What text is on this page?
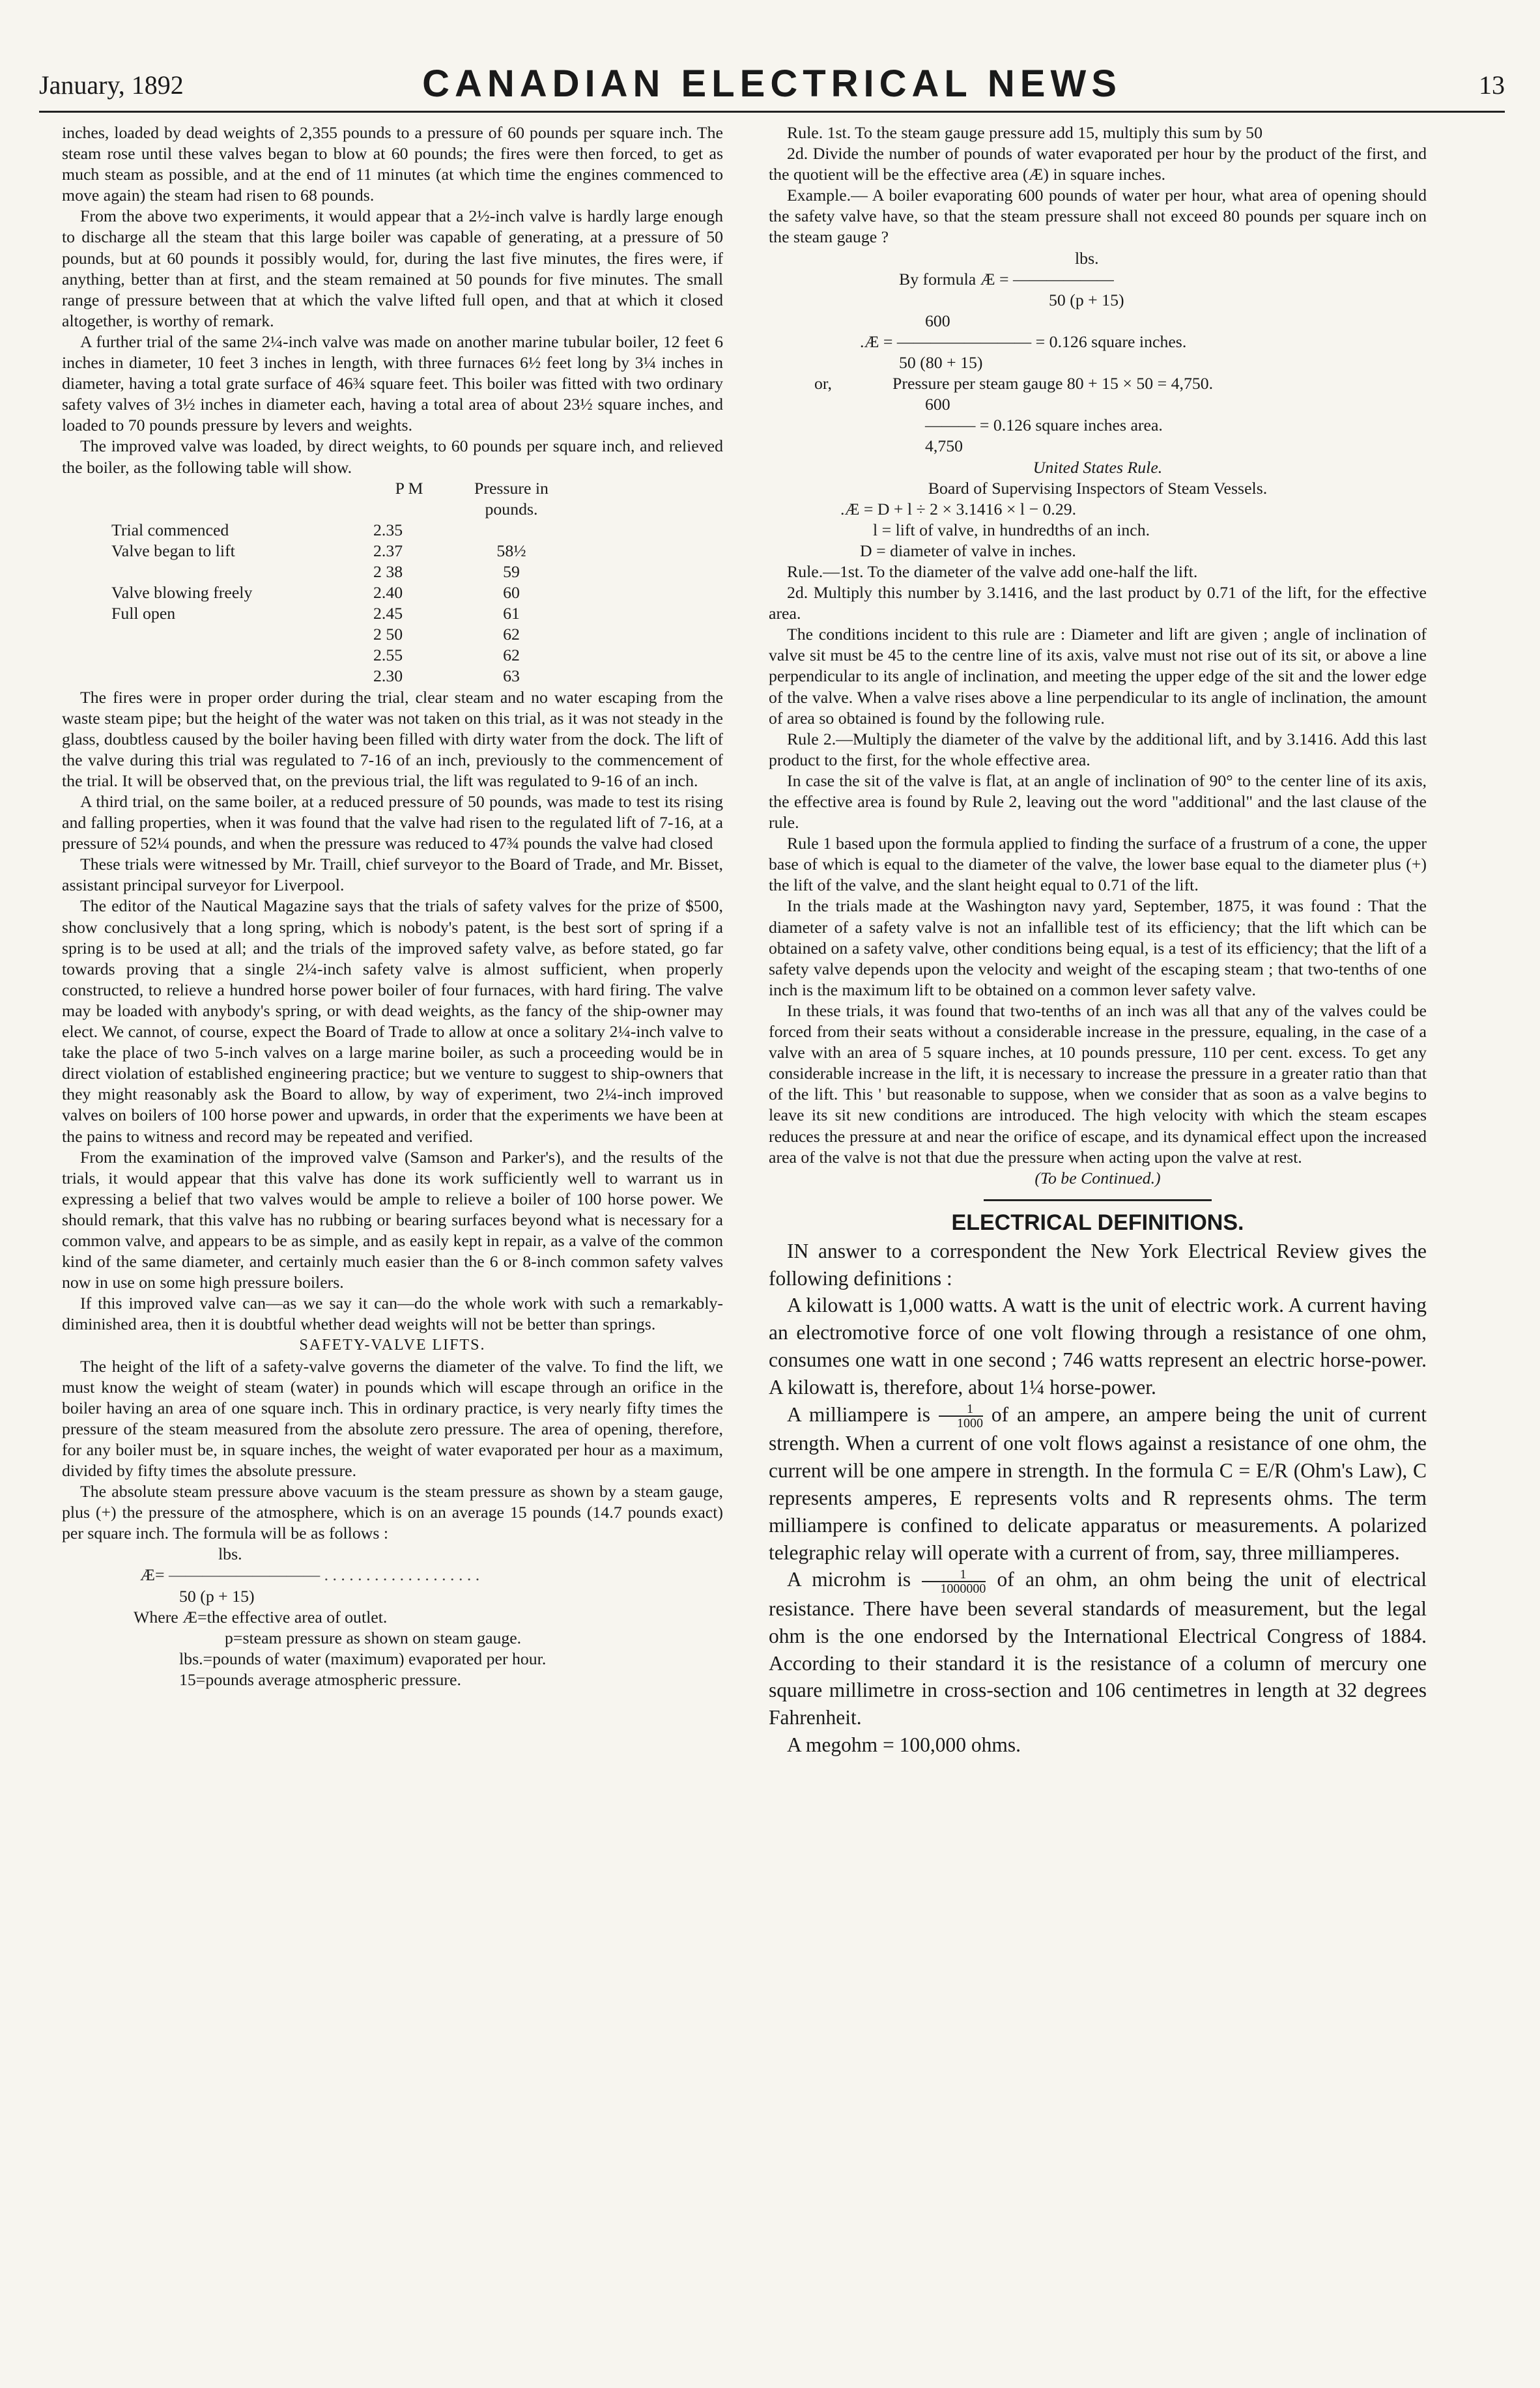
January, 1892	CANADIAN ELECTRICAL NEWS	13

inches, loaded by dead weights of 2,355 pounds to a pressure of 60 pounds per square inch. The steam rose until these valves began to blow at 60 pounds; the fires were then forced, to get as much steam as possible, and at the end of 11 minutes (at which time the engines commenced to move again) the steam had risen to 68 pounds.

From the above two experiments, it would appear that a 2½-inch valve is hardly large enough to discharge all the steam that this large boiler was capable of generating, at a pressure of 50 pounds, but at 60 pounds it possibly would, for, during the last five minutes, the fires were, if anything, better than at first, and the steam remained at 50 pounds for five minutes. The small range of pressure between that at which the valve lifted full open, and that at which it closed altogether, is worthy of remark.

A further trial of the same 2¼-inch valve was made on another marine tubular boiler, 12 feet 6 inches in diameter, 10 feet 3 inches in length, with three furnaces 6½ feet long by 3¼ inches in diameter, having a total grate surface of 46¾ square feet. This boiler was fitted with two ordinary safety valves of 3½ inches in diameter each, having a total area of about 23½ square inches, and loaded to 70 pounds pressure by levers and weights.

The improved valve was loaded, by direct weights, to 60 pounds per square inch, and relieved the boiler, as the following table will show.

	P M	Pressure in pounds.
Trial commenced	2.35	
Valve began to lift	2.37	58½
	2 38	59
Valve blowing freely	2.40	60
Full open	2.45	61
	2 50	62
	2.55	62
	2.30	63

The fires were in proper order during the trial, clear steam and no water escaping from the waste steam pipe; but the height of the water was not taken on this trial, as it was not steady in the glass, doubtless caused by the boiler having been filled with dirty water from the dock. The lift of the valve during this trial was regulated to 7-16 of an inch, previously to the commencement of the trial. It will be observed that, on the previous trial, the lift was regulated to 9-16 of an inch.

A third trial, on the same boiler, at a reduced pressure of 50 pounds, was made to test its rising and falling properties, when it was found that the valve had risen to the regulated lift of 7-16, at a pressure of 52¼ pounds, and when the pressure was reduced to 47¾ pounds the valve had closed

These trials were witnessed by Mr. Traill, chief surveyor to the Board of Trade, and Mr. Bisset, assistant principal surveyor for Liverpool.

The editor of the Nautical Magazine says that the trials of safety valves for the prize of $500, show conclusively that a long spring, which is nobody's patent, is the best sort of spring if a spring is to be used at all; and the trials of the improved safety valve, as before stated, go far towards proving that a single 2¼-inch safety valve is almost sufficient, when properly constructed, to relieve a hundred horse power boiler of four furnaces, with hard firing. The valve may be loaded with anybody's spring, or with dead weights, as the fancy of the ship-owner may elect. We cannot, of course, expect the Board of Trade to allow at once a solitary 2¼-inch valve to take the place of two 5-inch valves on a large marine boiler, as such a proceeding would be in direct violation of established engineering practice; but we venture to suggest to ship-owners that they might reasonably ask the Board to allow, by way of experiment, two 2¼-inch improved valves on boilers of 100 horse power and upwards, in order that the experiments we have been at the pains to witness and record may be repeated and verified.

From the examination of the improved valve (Samson and Parker's), and the results of the trials, it would appear that this valve has done its work sufficiently well to warrant us in expressing a belief that two valves would be ample to relieve a boiler of 100 horse power. We should remark, that this valve has no rubbing or bearing surfaces beyond what is necessary for a common valve, and appears to be as simple, and as easily kept in repair, as a valve of the common kind of the same diameter, and certainly much easier than the 6 or 8-inch common safety valves now in use on some high pressure boilers.

If this improved valve can—as we say it can—do the whole work with such a remarkably-diminished area, then it is doubtful whether dead weights will not be better than springs.

SAFETY-VALVE LIFTS.

The height of the lift of a safety-valve governs the diameter of the valve. To find the lift, we must know the weight of steam (water) in pounds which will escape through an orifice in the boiler having an area of one square inch. This in ordinary practice, is very nearly fifty times the pressure of the steam measured from the absolute zero pressure. The area of opening, therefore, for any boiler must be, in square inches, the weight of water evaporated per hour as a maximum, divided by fifty times the absolute pressure.

The absolute steam pressure above vacuum is the steam pressure as shown by a steam gauge, plus (+) the pressure of the atmosphere, which is on an average 15 pounds (14.7 pounds exact) per square inch. The formula will be as follows :

lbs.
Æ= ————————— . . . . . . . . . . . . . . . . . . .
50 (p + 15)

Where Æ=the effective area of outlet.

p=steam pressure as shown on steam gauge.

lbs.=pounds of water (maximum) evaporated per hour.

15=pounds average atmospheric pressure.

Rule. 1st. To the steam gauge pressure add 15, multiply this sum by 50

2d. Divide the number of pounds of water evaporated per hour by the product of the first, and the quotient will be the effective area (Æ) in square inches.

Example.— A boiler evaporating 600 pounds of water per hour, what area of opening should the safety valve have, so that the steam pressure shall not exceed 80 pounds per square inch on the steam gauge ?

lbs.
By formula Æ = ——————
50 (p + 15)
600
.Æ = ———————— = 0.126 square inches.
50 (80 + 15)
or,	Pressure per steam gauge 80 + 15 × 50 = 4,750.
600
——— = 0.126 square inches area.
4,750

United States Rule.

Board of Supervising Inspectors of Steam Vessels.

.Æ = D + l ÷ 2 × 3.1416 × l − 0.29.

l = lift of valve, in hundredths of an inch.

D = diameter of valve in inches.

Rule.—1st. To the diameter of the valve add one-half the lift.

2d. Multiply this number by 3.1416, and the last product by 0.71 of the lift, for the effective area.

The conditions incident to this rule are : Diameter and lift are given ; angle of inclination of valve sit must be 45 to the centre line of its axis, valve must not rise out of its sit, or above a line perpendicular to its angle of inclination, and meeting the upper edge of the sit and the lower edge of the valve. When a valve rises above a line perpendicular to its angle of inclination, the amount of area so obtained is found by the following rule.

Rule 2.—Multiply the diameter of the valve by the additional lift, and by 3.1416. Add this last product to the first, for the whole effective area.

In case the sit of the valve is flat, at an angle of inclination of 90° to the center line of its axis, the effective area is found by Rule 2, leaving out the word "additional" and the last clause of the rule.

Rule 1 based upon the formula applied to finding the surface of a frustrum of a cone, the upper base of which is equal to the diameter of the valve, the lower base equal to the diameter plus (+) the lift of the valve, and the slant height equal to 0.71 of the lift.

In the trials made at the Washington navy yard, September, 1875, it was found : That the diameter of a safety valve is not an infallible test of its efficiency; that the lift which can be obtained on a safety valve, other conditions being equal, is a test of its efficiency; that the lift of a safety valve depends upon the velocity and weight of the escaping steam ; that two-tenths of one inch is the maximum lift to be obtained on a common lever safety valve.

In these trials, it was found that two-tenths of an inch was all that any of the valves could be forced from their seats without a considerable increase in the pressure, equaling, in the case of a valve with an area of 5 square inches, at 10 pounds pressure, 110 per cent. excess. To get any considerable increase in the lift, it is necessary to increase the pressure in a greater ratio than that of the lift. This ' but reasonable to suppose, when we consider that as soon as a valve begins to leave its sit new conditions are introduced. The high velocity with which the steam escapes reduces the pressure at and near the orifice of escape, and its dynamical effect upon the increased area of the valve is not that due the pressure when acting upon the valve at rest.

(To be Continued.)

ELECTRICAL DEFINITIONS.

IN answer to a correspondent the New York Electrical Review gives the following definitions :

A kilowatt is 1,000 watts. A watt is the unit of electric work. A current having an electromotive force of one volt flowing through a resistance of one ohm, consumes one watt in one second ; 746 watts represent an electric horse-power. A kilowatt is, therefore, about 1¼ horse-power.

A milliampere is $\frac{1}{1000}$ of an ampere, an ampere being the unit of current strength. When a current of one volt flows against a resistance of one ohm, the current will be one ampere in strength. In the formula C = E/R (Ohm's Law), C represents amperes, E represents volts and R represents ohms. The term milliampere is confined to delicate apparatus or measurements. A polarized telegraphic relay will operate with a current of from, say, three milliamperes.

A microhm is $\frac{1}{1000000}$ of an ohm, an ohm being the unit of electrical resistance. There have been several standards of measurement, but the legal ohm is the one endorsed by the International Electrical Congress of 1884. According to their standard it is the resistance of a column of mercury one square millimetre in cross-section and 106 centimetres in length at 32 degrees Fahrenheit.

A megohm = 100,000 ohms.
